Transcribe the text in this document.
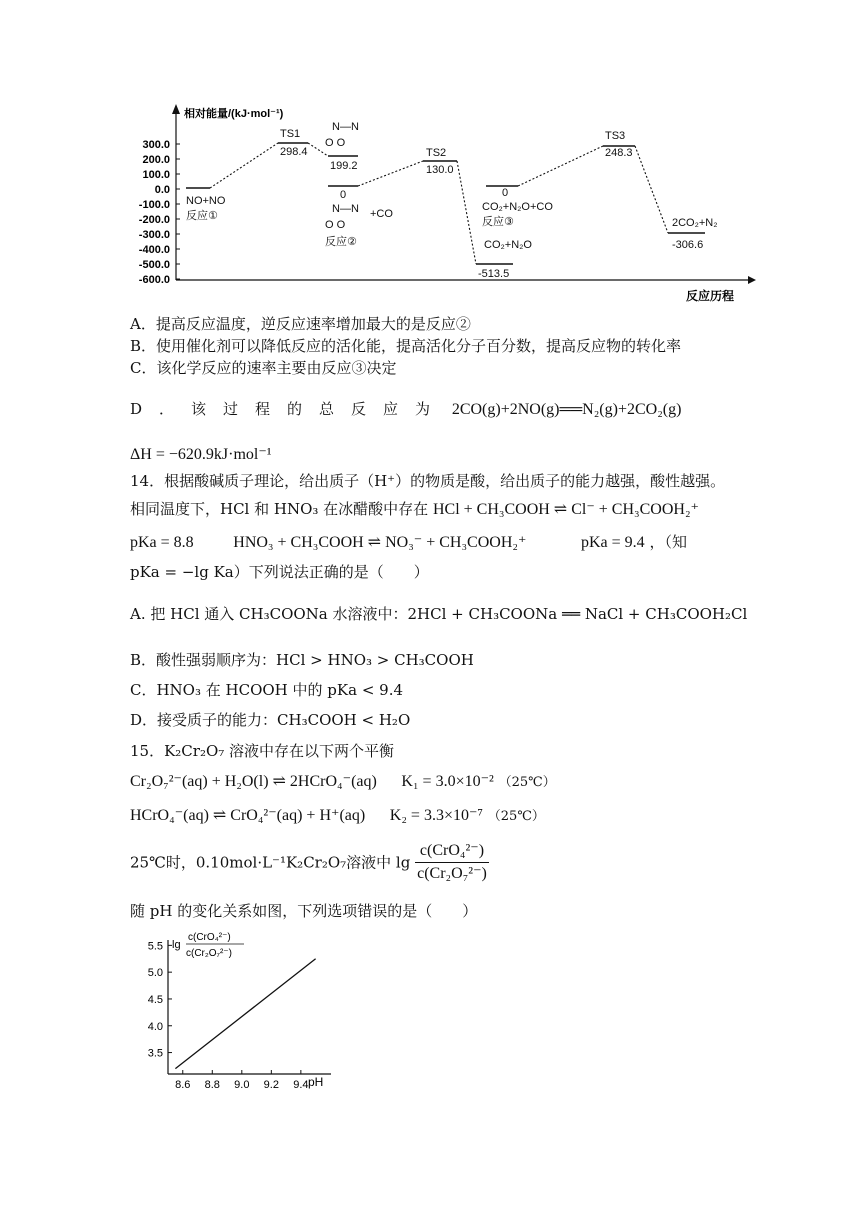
相对能量/(kJ·mol⁻¹)
300.0
200.0
100.0
0.0
-100.0
-200.0
-300.0
-400.0
-500.0
-600.0
NO+NO
反应①
TS1
298.4
N—N
O O
199.2
0
N—N
O O
+CO
反应②
TS2
130.0
0
CO₂+N₂O+CO
反应③
CO₂+N₂O
-513.5
TS3
248.3
2CO₂+N₂
-306.6
反应历程
A．提高反应温度，逆反应速率增加最大的是反应②
B．使用催化剂可以降低反应的活化能，提高活化分子百分数，提高反应物的转化率
C．该化学反应的速率主要由反应③决定
D．该过程的总反应为 2CO(g)+2NO(g)══N₂(g)+2CO₂(g)
ΔH = −620.9kJ·mol⁻¹
14．根据酸碱质子理论，给出质子（H⁺）的物质是酸，给出质子的能力越强，酸性越强。
相同温度下，HCl 和 HNO₃ 在冰醋酸中存在 HCl + CH₃COOH ⇌ Cl⁻ + CH₃COOH₂⁺
pKa = 8.8 　　 HNO₃ + CH₃COOH ⇌ NO₃⁻ + CH₃COOH₂⁺ 　　　	pKa = 9.4 ，（知
pKa = −lg Ka）下列说法正确的是（　　）
A. 把 HCl 通入 CH₃COONa 水溶液中：2HCl + CH₃COONa ══ NaCl + CH₃COOH₂Cl
B．酸性强弱顺序为：HCl > HNO₃ > CH₃COOH
C．HNO₃ 在 HCOOH 中的 pKa < 9.4
D．接受质子的能力：CH₃COOH < H₂O
15．K₂Cr₂O₇ 溶液中存在以下两个平衡
Cr₂O₇²⁻(aq) + H₂O(l) ⇌ 2HCrO₄⁻(aq) 　 K₁ = 3.0×10⁻² （25℃）
HCrO₄⁻(aq) ⇌ CrO₄²⁻(aq) + H⁺(aq) 　 K₂ = 3.3×10⁻⁷ （25℃）
25℃时，0.10mol·L⁻¹K₂Cr₂O₇溶液中 $\lg \frac{\text{c(CrO₄²⁻)}}{\text{c(Cr₂O₇²⁻)}}$
随 pH 的变化关系如图，下列选项错误的是（　　）
8.6 8.8 9.0 9.2 9.4
3.5
4.0
4.5
5.0
5.5 lg
c(CrO₄²⁻)
c(Cr₂O₇²⁻)
pH
